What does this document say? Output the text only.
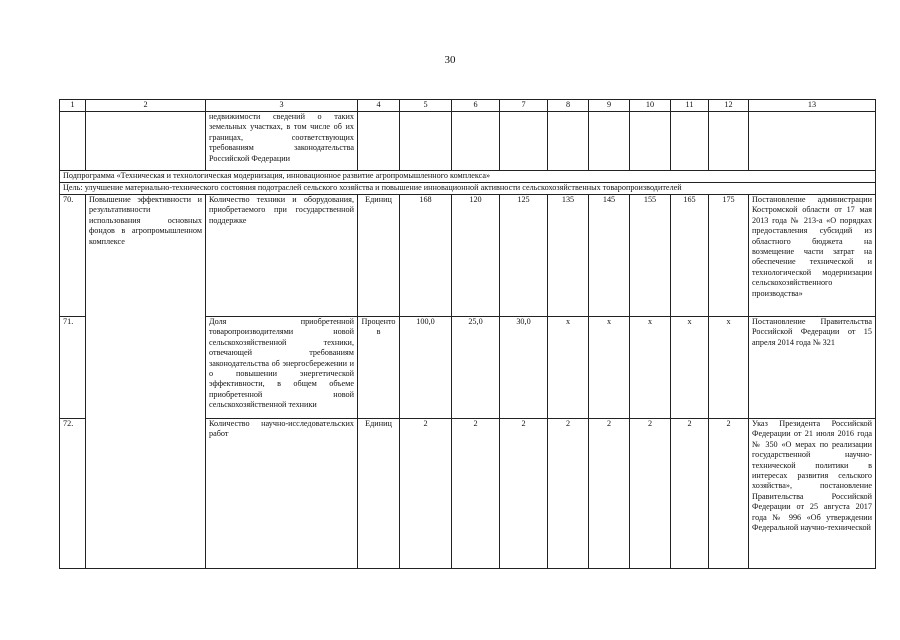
30
1	2	3	4	5	6	7	8	9	10	11	12	13
		недвижимости сведений о таких земельных участках, в том числе об их границах, соответствующих требованиям законодательства Российской Федерации										
Подпрограмма «Техническая и технологическая модернизация, инновационное развитие агропромышленного комплекса»												
Цель: улучшение материально-технического состояния подотраслей сельского хозяйства и повышение инновационной активности сельскохозяйственных товаропроизводителей												
70.	Повышение эффективности и результативности использования основных фондов в агропромышленном комплексе	Количество техники и оборудования, приобретаемого при государственной поддержке	Единиц	168	120	125	135	145	155	165	175	Постановление администрации Костромской области от 17 мая 2013 года № 213-а «О порядках предоставления субсидий из областного бюджета на возмещение части затрат на обеспечение технической и технологической модернизации сельскохозяйственного производства»
71.		Доля приобретенной товаропроизводителями новой сельскохозяйственной техники, отвечающей требованиям законодательства об энергосбережении и о повышении энергетической эффективности, в общем объеме приобретенной новой сельскохозяйственной техники	Процентов	100,0	25,0	30,0	x	x	x	x	x	Постановление Правительства Российской Федерации от 15 апреля 2014 года № 321
72.		Количество научно-исследовательских работ	Единиц	2	2	2	2	2	2	2	2	Указ Президента Российской Федерации от 21 июля 2016 года № 350 «О мерах по реализации государственной научно-технической политики в интересах развития сельского хозяйства», постановление Правительства Российской Федерации от 25 августа 2017 года № 996 «Об утверждении Федеральной научно-технической
